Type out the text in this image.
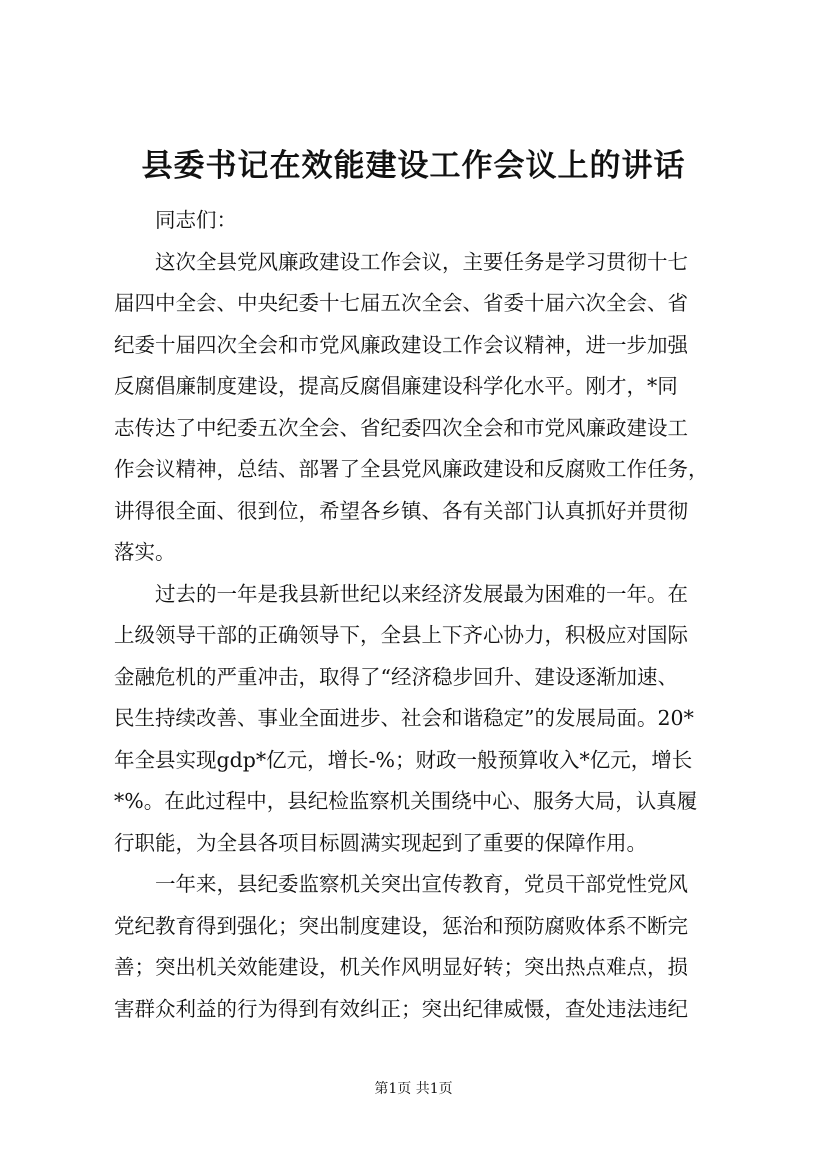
县委书记在效能建设工作会议上的讲话
　　同志们：
　　这次全县党风廉政建设工作会议，主要任务是学习贯彻十七
届四中全会、中央纪委十七届五次全会、省委十届六次全会、省
纪委十届四次全会和市党风廉政建设工作会议精神，进一步加强
反腐倡廉制度建设，提高反腐倡廉建设科学化水平。刚才，*同
志传达了中纪委五次全会、省纪委四次全会和市党风廉政建设工
作会议精神，总结、部署了全县党风廉政建设和反腐败工作任务，
讲得很全面、很到位，希望各乡镇、各有关部门认真抓好并贯彻
落实。
　　过去的一年是我县新世纪以来经济发展最为困难的一年。在
上级领导干部的正确领导下，全县上下齐心协力，积极应对国际
金融危机的严重冲击，取得了“经济稳步回升、建设逐渐加速、
民生持续改善、事业全面进步、社会和谐稳定”的发展局面。20*
年全县实现gdp*亿元，增长-%；财政一般预算收入*亿元，增长
*%。在此过程中，县纪检监察机关围绕中心、服务大局，认真履
行职能，为全县各项目标圆满实现起到了重要的保障作用。
　　一年来，县纪委监察机关突出宣传教育，党员干部党性党风
党纪教育得到强化；突出制度建设，惩治和预防腐败体系不断完
善；突出机关效能建设，机关作风明显好转；突出热点难点，损
害群众利益的行为得到有效纠正；突出纪律威慑，查处违法违纪
第1页 共1页
